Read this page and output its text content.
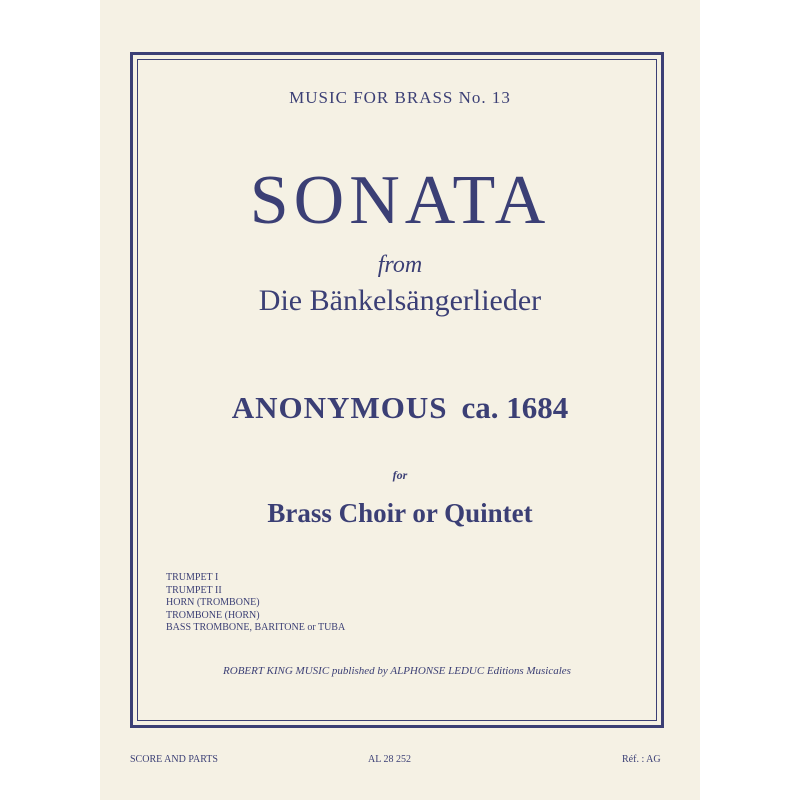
MUSIC FOR BRASS No. 13
SONATA
from
Die Bänkelsängerlieder
ANONYMOUS ca. 1684
for
Brass Choir or Quintet
TRUMPET I
TRUMPET II
HORN (TROMBONE)
TROMBONE (HORN)
BASS TROMBONE, BARITONE or TUBA
ROBERT KING MUSIC published by ALPHONSE LEDUC Editions Musicales
SCORE AND PARTS	AL 28 252	Réf. : AG
